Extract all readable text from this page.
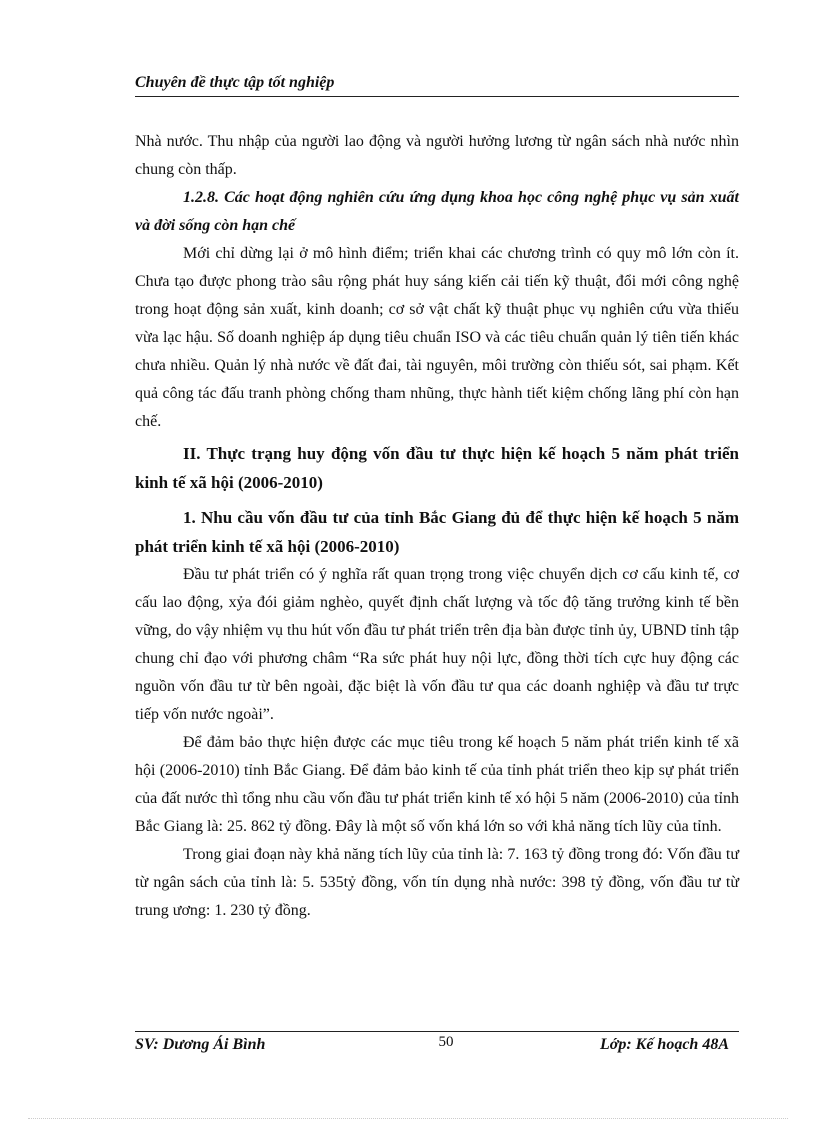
Chuyên đề thực tập tốt nghiệp

Nhà nước. Thu nhập của người lao động và người hưởng lương từ ngân sách nhà nước nhìn chung còn thấp.

1.2.8. Các hoạt động nghiên cứu ứng dụng khoa học công nghệ phục vụ sản xuất và đời sống còn hạn chế

Mới chỉ dừng lại ở mô hình điểm; triển khai các chương trình có quy mô lớn còn ít. Chưa tạo được phong trào sâu rộng phát huy sáng kiến cải tiến kỹ thuật, đổi mới công nghệ trong hoạt động sản xuất, kinh doanh; cơ sở vật chất kỹ thuật phục vụ nghiên cứu vừa thiếu vừa lạc hậu. Số doanh nghiệp áp dụng tiêu chuẩn ISO và các tiêu chuẩn quản lý tiên tiến khác chưa nhiều. Quản lý nhà nước về đất đai, tài nguyên, môi trường còn thiếu sót, sai phạm. Kết quả công tác đấu tranh phòng chống tham nhũng, thực hành tiết kiệm chống lãng phí còn hạn chế.

II. Thực trạng huy động vốn đầu tư thực hiện kế hoạch 5 năm phát triển kinh tế xã hội (2006-2010)

1. Nhu cầu vốn đầu tư của tỉnh Bắc Giang đủ để thực hiện kế hoạch 5 năm phát triển kinh tế xã hội (2006-2010)

Đầu tư phát triển có ý nghĩa rất quan trọng trong việc chuyển dịch cơ cấu kinh tế, cơ cấu lao động, xỷa đói giảm nghèo, quyết định chất lượng và tốc độ tăng trưởng kinh tế bền vững, do vậy nhiệm vụ thu hút vốn đầu tư phát triển trên địa bàn được tỉnh ủy, UBND tỉnh tập chung chỉ đạo với phương châm “Ra sức phát huy nội lực, đồng thời tích cực huy động các nguồn vốn đầu tư từ bên ngoài, đặc biệt là vốn đầu tư qua các doanh nghiệp và đầu tư trực tiếp vốn nước ngoài”.

Để đảm bảo thực hiện được các mục tiêu trong kế hoạch 5 năm phát triển kinh tế xã hội (2006-2010) tỉnh Bắc Giang. Để đảm bảo kinh tế của tỉnh phát triển theo kịp sự phát triển của đất nước thì tổng nhu cầu vốn đầu tư phát triển kinh tế xó hội 5 năm (2006-2010) của tỉnh Bắc Giang là: 25. 862 tỷ đồng. Đây là một số vốn khá lớn so với khả năng tích lũy của tỉnh.

Trong giai đoạn này khả năng tích lũy của tỉnh là: 7. 163 tỷ đồng trong đó: Vốn đầu tư từ ngân sách của tỉnh là: 5. 535tỷ đồng, vốn tín dụng nhà nước: 398 tỷ đồng, vốn đầu tư từ trung ương: 1. 230 tỷ đồng.

SV: Dương Ái Bình	50	Lớp: Kế hoạch 48A
